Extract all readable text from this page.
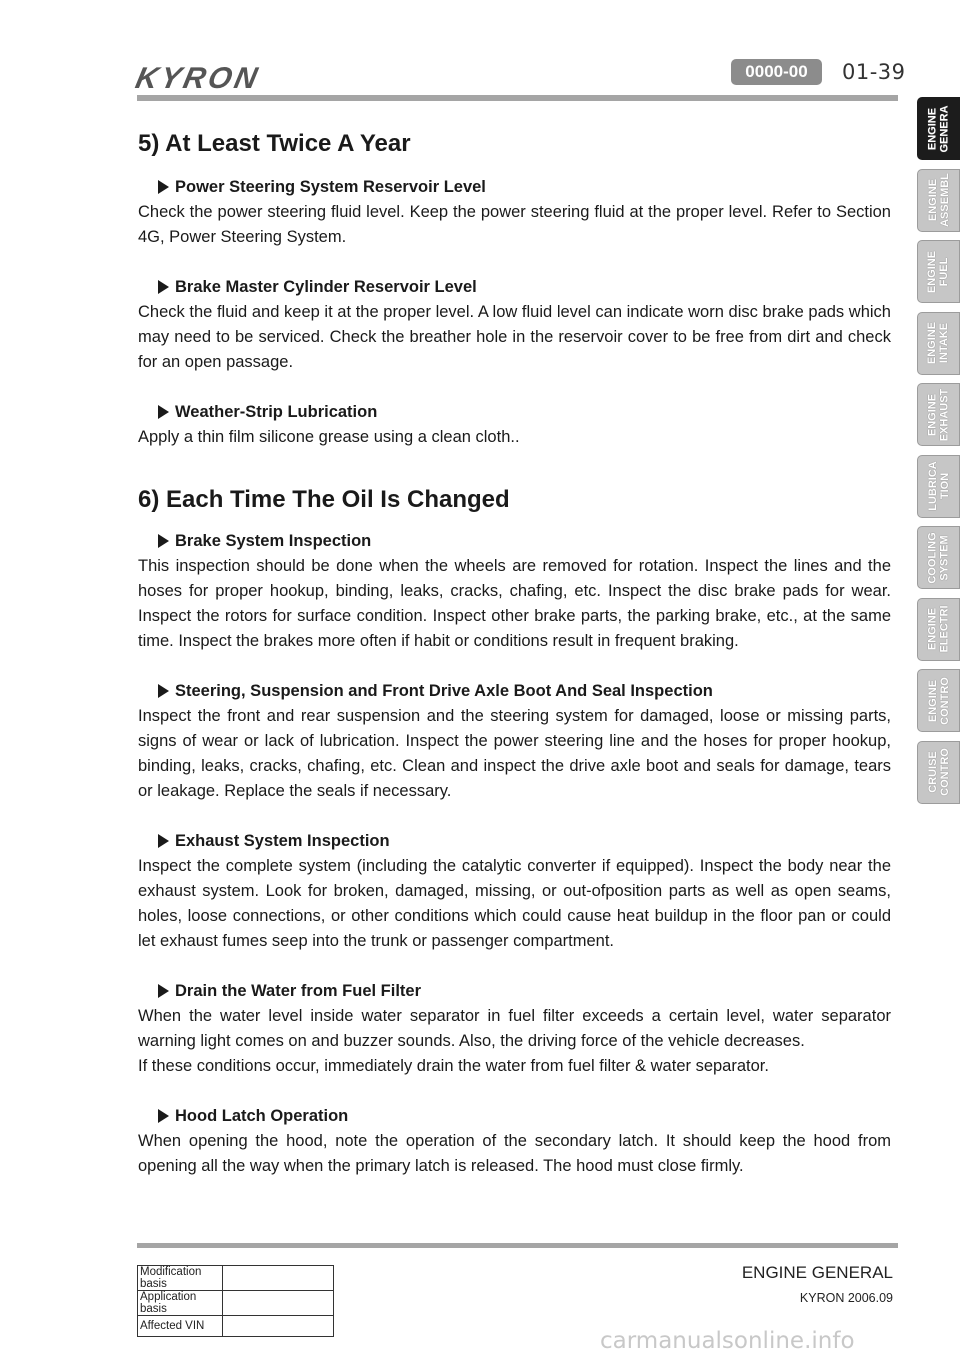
KYRON	0000-00	01-39
ENGINE
GENERA
ENGINE
ASSEMBL
ENGINE
FUEL
ENGINE
INTAKE
ENGINE
EXHAUST
LUBRICA
TION
COOLING
SYSTEM
ENGINE
ELECTRI
ENGINE
CONTRO
CRUISE
CONTRO
5) At Least Twice A Year
Power Steering System Reservoir Level

Check the power steering fluid level. Keep the power steering fluid at the proper level. Refer to Section 4G, Power Steering System.

Brake Master Cylinder Reservoir Level

Check the fluid and keep it at the proper level. A low fluid level can indicate worn disc brake pads which may need to be serviced. Check the breather hole in the reservoir cover to be free from dirt and check for an open passage.

Weather-Strip Lubrication

Apply a thin film silicone grease using a clean cloth..

6) Each Time The Oil Is Changed
Brake System Inspection

This inspection should be done when the wheels are removed for rotation. Inspect the lines and the hoses for proper hookup, binding, leaks, cracks, chafing, etc. Inspect the disc brake pads for wear. Inspect the rotors for surface condition. Inspect other brake parts, the parking brake, etc., at the same time. Inspect the brakes more often if habit or conditions result in frequent braking.

Steering, Suspension and Front Drive Axle Boot And Seal Inspection

Inspect the front and rear suspension and the steering system for damaged, loose or missing parts, signs of wear or lack of lubrication. Inspect the power steering line and the hoses for proper hookup, binding, leaks, cracks, chafing, etc. Clean and inspect the drive axle boot and seals for damage, tears or leakage. Replace the seals if necessary.

Exhaust System Inspection

Inspect the complete system (including the catalytic converter if equipped). Inspect the body near the exhaust system. Look for broken, damaged, missing, or out-ofposition parts as well as open seams, holes, loose connections, or other conditions which could cause heat buildup in the floor pan or could let exhaust fumes seep into the trunk or passenger compartment.

Drain the Water from Fuel Filter

When the water level inside water separator in fuel filter exceeds a certain level, water separator warning light comes on and buzzer sounds. Also, the driving force of the vehicle decreases.

If these conditions occur, immediately drain the water from fuel filter & water separator.

Hood Latch Operation

When opening the hood, note the operation of the secondary latch. It should keep the hood from opening all the way when the primary latch is released. The hood must close firmly.

Modification basis	
Application basis	
Affected VIN	
ENGINE GENERAL
KYRON 2006.09
carmanualsonline.info
